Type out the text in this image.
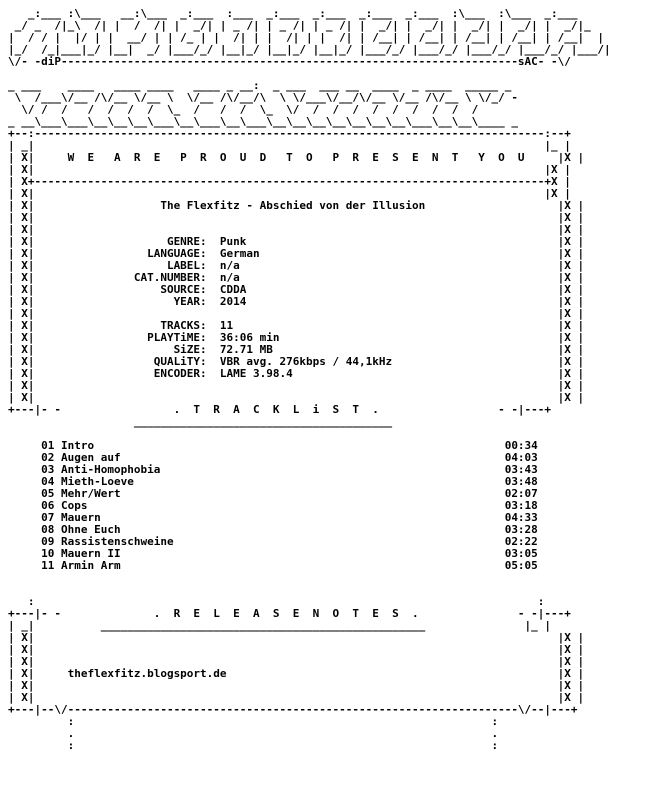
_:___ :\___   __:\___  _:___  :___  _:___  _:___  _:___  _:___  :\___  :\___  _:___
_/ _  /|_\  /| |  /  /| |  _/| | _ /| | _ /| | _ /| |  _/| |  _/| |  _/| |  _/| |  _/|_
|  / / |  |/ | |  __/ | | /_ | |  /| | |  /| | |  /| | /__| | /__| | /__| | /__| | /__|  |
|_/  /_|___|_/ |__|  _/ |___/_/ |__|_/ |__|_/ |__|_/ |___/_/ |___/_/ |___/_/ |___/_/ |___/|
\/- -diP---------------------------------------------------------------------sAC- -\/

_ ___    ____   ____ ____   ____ _ __:  _ ___  ___ __  ____  _ ____  _____ _
\  /___\/__ /\/__ \/__ \  \/__ /\/__/\  \ \/___\/__/\/__ \/__ /\/__ \ \/_/ -
\/ /  /   /  /  /  /  \_  /   /  /  \_  \/  /  /  /  /  /  /  /  /  /
_ __\___\___\__\__\__\___\__\___\__\___\__\__\__\__\__\__\__\___\__\__\____ _
+--:-----------------------------------------------------------------------------:--+
| _|                                                                             |_ |
| X|     W  E   A  R  E   P  R  O  U  D   T  O   P  R  E  S  E  N  T   Y  O  U     |X |
| X|                                                                             |X |
| X+-----------------------------------------------------------------------------+X |
| X|                                                                             |X |
| X|                   The Flexfitz - Abschied von der Illusion                    |X |
| X|                                                                               |X |
| X|                                                                               |X |
| X|                    GENRE:  Punk                                               |X |
| X|                 LANGUAGE:  German                                             |X |
| X|                    LABEL:  n/a                                                |X |
| X|               CAT.NUMBER:  n/a                                                |X |
| X|                   SOURCE:  CDDA                                               |X |
| X|                     YEAR:  2014                                               |X |
| X|                                                                               |X |
| X|                   TRACKS:  11                                                 |X |
| X|                 PLAYTiME:  36:06 min                                          |X |
| X|                     SiZE:  72.71 MB                                           |X |
| X|                  QUALiTY:  VBR avg. 276kbps / 44,1kHz                         |X |
| X|                  ENCODER:  LAME 3.98.4                                        |X |
| X|                                                                               |X |
| X|                                                                               |X |
+---|- -                 .  T  R  A  C  K  L  i  S  T  .                  - -|---+
_______________________________________

01 Intro                                                              00:34
02 Augen auf                                                          04:03
03 Anti-Homophobia                                                    03:43
04 Mieth-Loeve                                                        03:48
05 Mehr/Wert                                                          02:07
06 Cops                                                               03:18
07 Mauern                                                             04:33
08 Ohne Euch                                                          03:28
09 Rassistenschweine                                                  02:22
10 Mauern II                                                          03:05
11 Armin Arm                                                          05:05

:                                                                            :
+---|- -              .  R  E  L  E  A  S  E  N  O  T  E  S  .               - -|---+
| _|          _________________________________________________               |_ |
| X|                                                                               |X |
| X|                                                                               |X |
| X|                                                                               |X |
| X|     theflexfitz.blogsport.de                                                  |X |
| X|                                                                               |X |
| X|                                                                               |X |
+---|--\/--------------------------------------------------------------------\/--|---+
:                                                               :
.                                                               .
:                                                               :
